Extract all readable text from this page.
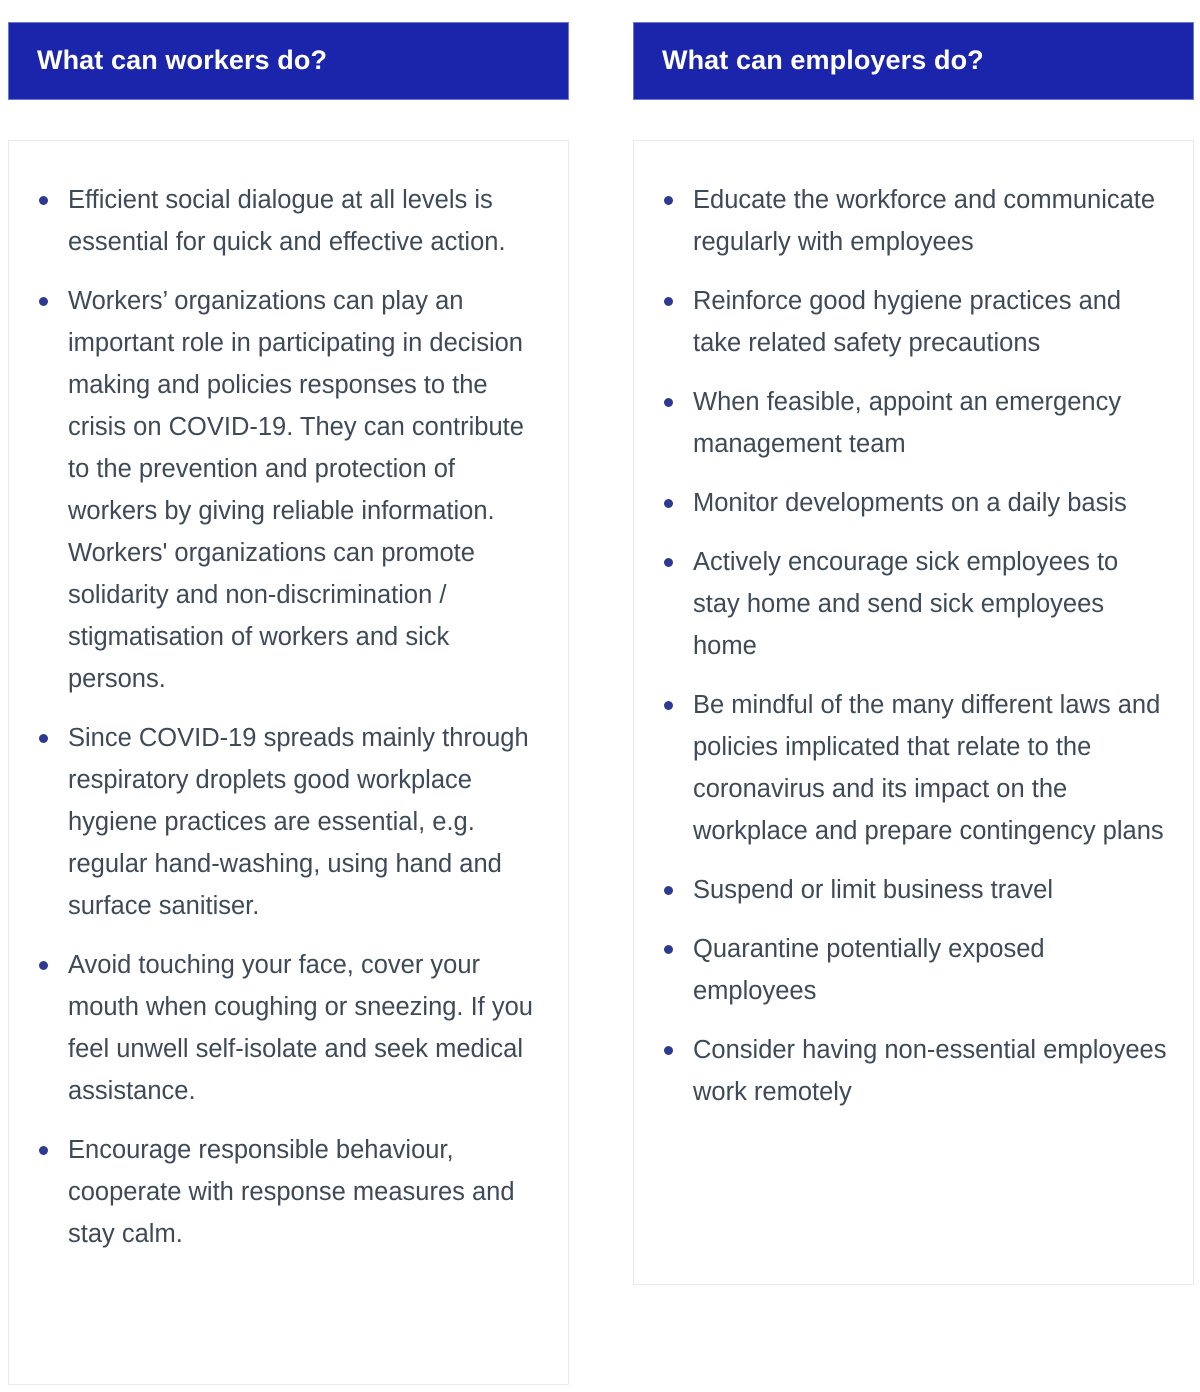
What can workers do?
Efficient social dialogue at all levels is essential for quick and effective action.
Workers’ organizations can play an important role in participating in decision making and policies responses to the crisis on COVID-19. They can contribute to the prevention and protection of workers by giving reliable information. Workers' organizations can promote solidarity and non-discrimination / stigmatisation of workers and sick persons.
Since COVID-19 spreads mainly through respiratory droplets good workplace hygiene practices are essential, e.g. regular hand-washing, using hand and surface sanitiser.
Avoid touching your face, cover your mouth when coughing or sneezing. If you feel unwell self-isolate and seek medical assistance.
Encourage responsible behaviour, cooperate with response measures and stay calm.
What can employers do?
Educate the workforce and communicate regularly with employees
Reinforce good hygiene practices and take related safety precautions
When feasible, appoint an emergency management team
Monitor developments on a daily basis
Actively encourage sick employees to stay home and send sick employees home
Be mindful of the many different laws and policies implicated that relate to the coronavirus and its impact on the workplace and prepare contingency plans
Suspend or limit business travel
Quarantine potentially exposed employees
Consider having non-essential employees work remotely
